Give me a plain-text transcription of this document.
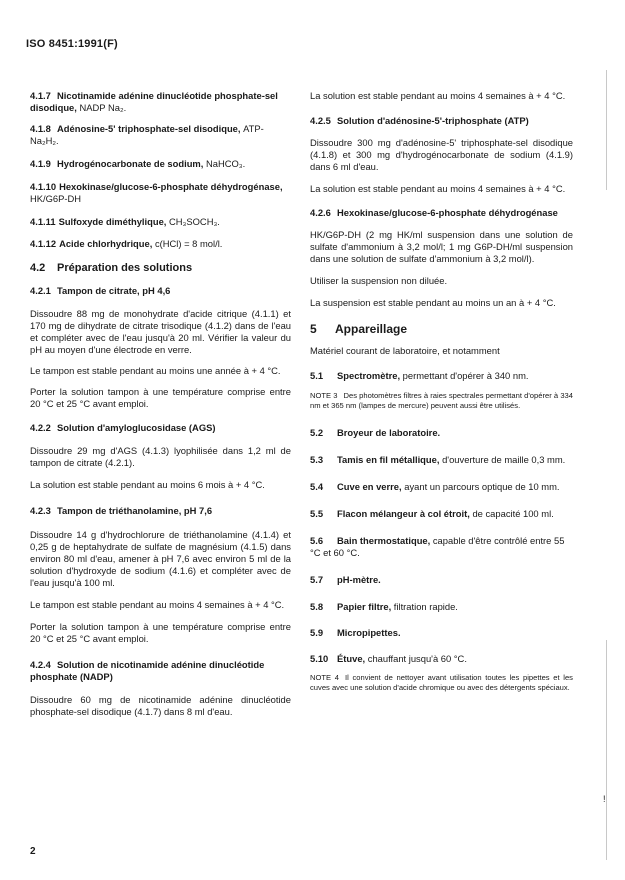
ISO 8451:1991(F)
4.1.7 Nicotinamide adénine dinucléotide phosphate-sel disodique, NADP Na₂.
4.1.8 Adénosine-5' triphosphate-sel disodique, ATP-Na₂H₂.
4.1.9 Hydrogénocarbonate de sodium, NaHCO₃.
4.1.10 Hexokinase/glucose-6-phosphate déhydrogénase, HK/G6P-DH
4.1.11 Sulfoxyde diméthylique, CH₃SOCH₃.
4.1.12 Acide chlorhydrique, c(HCl) = 8 mol/l.
4.2 Préparation des solutions
4.2.1 Tampon de citrate, pH 4,6
Dissoudre 88 mg de monohydrate d'acide citrique (4.1.1) et 170 mg de dihydrate de citrate trisodique (4.1.2) dans de l'eau et compléter avec de l'eau jusqu'à 20 ml. Vérifier la valeur du pH au moyen d'une électrode en verre.
Le tampon est stable pendant au moins une année à + 4 °C.
Porter la solution tampon à une température comprise entre 20 °C et 25 °C avant emploi.
4.2.2 Solution d'amyloglucosidase (AGS)
Dissoudre 29 mg d'AGS (4.1.3) lyophilisée dans 1,2 ml de tampon de citrate (4.2.1).
La solution est stable pendant au moins 6 mois à + 4 °C.
4.2.3 Tampon de triéthanolamine, pH 7,6
Dissoudre 14 g d'hydrochlorure de triéthanolamine (4.1.4) et 0,25 g de heptahydrate de sulfate de magnésium (4.1.5) dans environ 80 ml d'eau, amener à pH 7,6 avec environ 5 ml de la solution d'hydroxyde de sodium (4.1.6) et compléter avec de l'eau jusqu'à 100 ml.
Le tampon est stable pendant au moins 4 semaines à + 4 °C.
Porter la solution tampon à une température comprise entre 20 °C et 25 °C avant emploi.
4.2.4 Solution de nicotinamide adénine dinucléotide phosphate (NADP)
Dissoudre 60 mg de nicotinamide adénine dinucléotide phosphate-sel disodique (4.1.7) dans 8 ml d'eau.
La solution est stable pendant au moins 4 semaines à + 4 °C.
4.2.5 Solution d'adénosine-5'-triphosphate (ATP)
Dissoudre 300 mg d'adénosine-5' triphosphate-sel disodique (4.1.8) et 300 mg d'hydrogénocarbonate de sodium (4.1.9) dans 6 ml d'eau.
La solution est stable pendant au moins 4 semaines à + 4 °C.
4.2.6 Hexokinase/glucose-6-phosphate déhydrogénase
HK/G6P-DH (2 mg HK/ml suspension dans une solution de sulfate d'ammonium à 3,2 mol/l; 1 mg G6P-DH/ml suspension dans une solution de sulfate d'ammonium à 3,2 mol/l).
Utiliser la suspension non diluée.
La suspension est stable pendant au moins un an à + 4 °C.
5 Appareillage
Matériel courant de laboratoire, et notamment
5.1 Spectromètre, permettant d'opérer à 340 nm.
NOTE 3 Des photomètres filtres à raies spectrales permettant d'opérer à 334 nm et 365 nm (lampes de mercure) peuvent aussi être utilisés.
5.2 Broyeur de laboratoire.
5.3 Tamis en fil métallique, d'ouverture de maille 0,3 mm.
5.4 Cuve en verre, ayant un parcours optique de 10 mm.
5.5 Flacon mélangeur à col étroit, de capacité 100 ml.
5.6 Bain thermostatique, capable d'être contrôlé entre 55 °C et 60 °C.
5.7 pH-mètre.
5.8 Papier filtre, filtration rapide.
5.9 Micropipettes.
5.10 Étuve, chauffant jusqu'à 60 °C.
NOTE 4 Il convient de nettoyer avant utilisation toutes les pipettes et les cuves avec une solution d'acide chromique ou avec des détergents spéciaux.
!
2
